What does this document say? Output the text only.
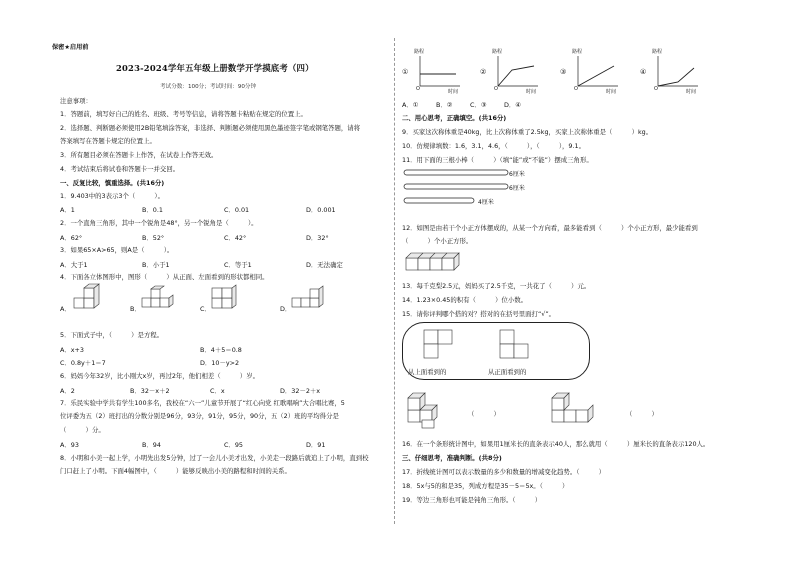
保密★启用前
2023-2024学年五年级上册数学开学摸底考（四）
考试分数：100分；考试时间：90分钟
注意事项：
1．答题前，填写好自己的姓名、班级、考号等信息，请将答题卡粘贴在规定的位置上。
2．选择题、判断题必须使用2B铅笔填涂答案，非选择、判断题必须使用黑色墨迹签字笔或钢笔答题，请将
答案填写在答题卡规定的位置上。
3．所有题目必须在答题卡上作答，在试卷上作答无效。
4．考试结束后将试卷和答题卡一并交回。
一、反复比较，慎重选择。(共16分)
1．9.403中的3表示3个（　　　）。
A．1	B．0.1	C．0.01	D．0.001
2．一个直角三角形，其中一个锐角是48°，另一个锐角是（　　　）。
A．62°	B．52°	C．42°	D．32°
3．如果65×A>65，则A是（　　　）。
A．大于1	B．小于1	C．等于1	D．无法确定
4．下面各立体图形中，图形（　　　）从正面、左面看到的形状都相同。
A．	B．	C．	D．
5．下面式子中，（　　　）是方程。
A．x+3	B．4＋5＝0.8
C．0.8y＋1＝7	D．10－y>2
6．妈妈今年32岁，比小刚大x岁，再过2年，他们相差（　　　）岁。
A．2	B．32－x＋2	C．x	D．32－2＋x
7．乐民实验中学共有学生100多名，我校在“六一”儿童节开展了“红心向党 红歌唱响”大合唱比赛，5
位评委为五（2）班打出的分数分别是96分，93分，91分，95分，90分，五（2）班的平均得分是
（　　　）分。
A．93	B．94	C．95	D．91
8．小明和小美一起上学，小明先出发5分钟，过了一会儿小美才出发，小美走一段路后就追上了小明，直到校
门口赶上了小明。下面4幅图中，（　　　）能够反映出小美的路程和时间的关系。
①	②	③	④
路程	路程	路程	路程
时间	时间	时间	时间
O	O	O	O
A．①	B．②	C．③	D．④
二、用心思考，正确填空。(共16分)
9．买家这次称体重是40kg，比上次称体重了2.5kg，买家上次称体重是（　　　）kg。
10．仿规律填数：1.6，3.1，4.6，（　　　），（　　　），9.1。
11．用下面的三根小棒（　　　）（填“能”或“不能”）摆成三角形。
6厘米
6厘米
4厘米
12．如图是由若干个小正方体摆成的，从某一个方向看，最多能看到（　　　）个小正方形，最少能看到
（　　　）个小正方形。
13．每千克梨2.5元，妈妈买了2.5千克，一共花了（　　　）元。
14．1.23×0.45的积有（　　　）位小数。
15．请你评判哪个搭的对？搭对的在括号里面打“√”。
从上面看到的	从正面看到的
（　　　）	（　　　）
16．在一个条形统计图中，如果用1厘米长的直条表示40人，那么就用（　　　）厘米长的直条表示120人。
三、仔细思考，准确判断。(共8分)
17．折线统计图可以表示数量的多少和数量的增减变化趋势。（　　　）
18．5x与5的和是35，列成方程是35－5＝5x。（　　　）
19．等边三角形也可能是钝角三角形。（　　　）
